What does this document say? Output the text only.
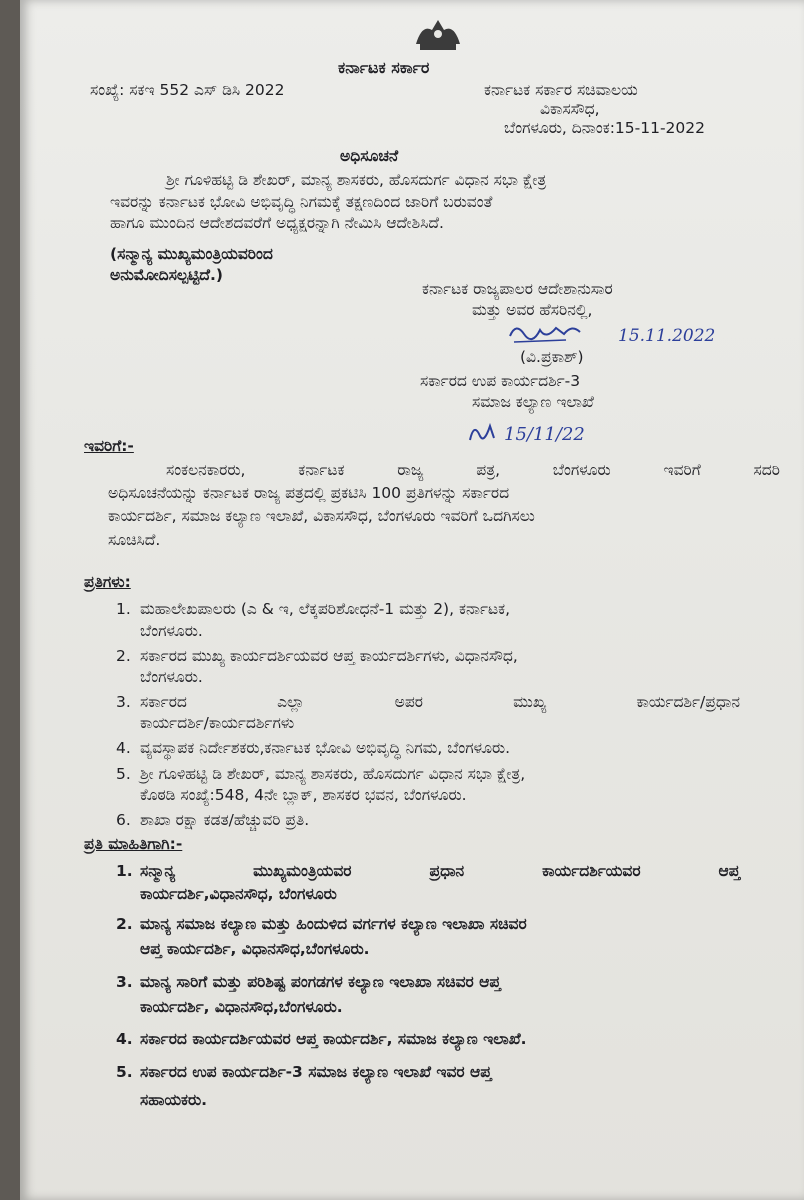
ಕರ್ನಾಟಕ ಸರ್ಕಾರ
ಸಂಖ್ಯೆ: ಸಕಇ 552 ಎಸ್ ಡಿಸಿ 2022	ಕರ್ನಾಟಕ ಸರ್ಕಾರ ಸಚಿವಾಲಯ
ವಿಕಾಸಸೌಧ,
ಬೆಂಗಳೂರು, ದಿನಾಂಕ:15-11-2022
ಅಧಿಸೂಚನೆ
ಶ್ರೀ ಗೂಳಿಹಟ್ಟಿ ಡಿ ಶೇಖರ್, ಮಾನ್ಯ ಶಾಸಕರು, ಹೊಸದುರ್ಗ ವಿಧಾನ ಸಭಾ ಕ್ಷೇತ್ರ
ಇವರನ್ನು ಕರ್ನಾಟಕ ಭೋವಿ ಅಭಿವೃದ್ಧಿ ನಿಗಮಕ್ಕೆ ತಕ್ಷಣದಿಂದ ಜಾರಿಗೆ ಬರುವಂತೆ
ಹಾಗೂ ಮುಂದಿನ ಆದೇಶದವರೆಗೆ ಅಧ್ಯಕ್ಷರನ್ನಾಗಿ ನೇಮಿಸಿ ಆದೇಶಿಸಿದೆ.
(ಸನ್ಮಾನ್ಯ ಮುಖ್ಯಮಂತ್ರಿಯವರಿಂದ
ಅನುಮೋದಿಸಲ್ಪಟ್ಟಿದೆ.)
ಕರ್ನಾಟಕ ರಾಜ್ಯಪಾಲರ ಆದೇಶಾನುಸಾರ
ಮತ್ತು ಅವರ ಹೆಸರಿನಲ್ಲಿ,
15.11.2022
(ವಿ.ಪ್ರಕಾಶ್)
ಸರ್ಕಾರದ ಉಪ ಕಾರ್ಯದರ್ಶಿ-3
ಸಮಾಜ ಕಲ್ಯಾಣ ಇಲಾಖೆ
ಇವರಿಗೆ:-
15/11/22
ಸಂಕಲನಕಾರರು,	ಕರ್ನಾಟಕ	ರಾಜ್ಯ	ಪತ್ರ,	ಬೆಂಗಳೂರು	ಇವರಿಗೆ	ಸದರಿ
ಅಧಿಸೂಚನೆಯನ್ನು ಕರ್ನಾಟಕ ರಾಜ್ಯ ಪತ್ರದಲ್ಲಿ ಪ್ರಕಟಿಸಿ 100 ಪ್ರತಿಗಳನ್ನು ಸರ್ಕಾರದ
ಕಾರ್ಯದರ್ಶಿ, ಸಮಾಜ ಕಲ್ಯಾಣ ಇಲಾಖೆ, ವಿಕಾಸಸೌಧ, ಬೆಂಗಳೂರು ಇವರಿಗೆ ಒದಗಿಸಲು
ಸೂಚಿಸಿದೆ.
ಪ್ರತಿಗಳು:
1. ಮಹಾಲೇಖಪಾಲರು (ಎ & ಇ, ಲೆಕ್ಕಪರಿಶೋಧನೆ-1 ಮತ್ತು 2), ಕರ್ನಾಟಕ,
ಬೆಂಗಳೂರು.
2. ಸರ್ಕಾರದ ಮುಖ್ಯ ಕಾರ್ಯದರ್ಶಿಯವರ ಆಪ್ತ ಕಾರ್ಯದರ್ಶಿಗಳು, ವಿಧಾನಸೌಧ,
ಬೆಂಗಳೂರು.
3. ಸರ್ಕಾರದ	ಎಲ್ಲಾ	ಅಪರ	ಮುಖ್ಯ	ಕಾರ್ಯದರ್ಶಿ/ಪ್ರಧಾನ
ಕಾರ್ಯದರ್ಶಿ/ಕಾರ್ಯದರ್ಶಿಗಳು
4. ವ್ಯವಸ್ಥಾಪಕ ನಿರ್ದೇಶಕರು,ಕರ್ನಾಟಕ ಭೋವಿ ಅಭಿವೃದ್ಧಿ ನಿಗಮ, ಬೆಂಗಳೂರು.
5. ಶ್ರೀ ಗೂಳಿಹಟ್ಟಿ ಡಿ ಶೇಖರ್, ಮಾನ್ಯ ಶಾಸಕರು, ಹೊಸದುರ್ಗ ವಿಧಾನ ಸಭಾ ಕ್ಷೇತ್ರ,
ಕೊಠಡಿ ಸಂಖ್ಯೆ:548, 4ನೇ ಬ್ಲಾಕ್, ಶಾಸಕರ ಭವನ, ಬೆಂಗಳೂರು.
6. ಶಾಖಾ ರಕ್ಷಾ ಕಡತ/ಹೆಚ್ಚುವರಿ ಪ್ರತಿ.
ಪ್ರತಿ ಮಾಹಿತಿಗಾಗಿ:-
1. ಸನ್ಮಾನ್ಯ	ಮುಖ್ಯಮಂತ್ರಿಯವರ	ಪ್ರಧಾನ	ಕಾರ್ಯದರ್ಶಿಯವರ	ಆಪ್ತ
ಕಾರ್ಯದರ್ಶಿ,ವಿಧಾನಸೌಧ, ಬೆಂಗಳೂರು
2. ಮಾನ್ಯ ಸಮಾಜ ಕಲ್ಯಾಣ ಮತ್ತು ಹಿಂದುಳಿದ ವರ್ಗಗಳ ಕಲ್ಯಾಣ ಇಲಾಖಾ ಸಚಿವರ
ಆಪ್ತ ಕಾರ್ಯದರ್ಶಿ, ವಿಧಾನಸೌಧ,ಬೆಂಗಳೂರು.
3. ಮಾನ್ಯ ಸಾರಿಗೆ ಮತ್ತು ಪರಿಶಿಷ್ಟ ಪಂಗಡಗಳ ಕಲ್ಯಾಣ ಇಲಾಖಾ ಸಚಿವರ ಆಪ್ತ
ಕಾರ್ಯದರ್ಶಿ, ವಿಧಾನಸೌಧ,ಬೆಂಗಳೂರು.
4. ಸರ್ಕಾರದ ಕಾರ್ಯದರ್ಶಿಯವರ ಆಪ್ತ ಕಾರ್ಯದರ್ಶಿ, ಸಮಾಜ ಕಲ್ಯಾಣ ಇಲಾಖೆ.
5. ಸರ್ಕಾರದ ಉಪ ಕಾರ್ಯದರ್ಶಿ-3 ಸಮಾಜ ಕಲ್ಯಾಣ ಇಲಾಖೆ ಇವರ ಆಪ್ತ
ಸಹಾಯಕರು.
